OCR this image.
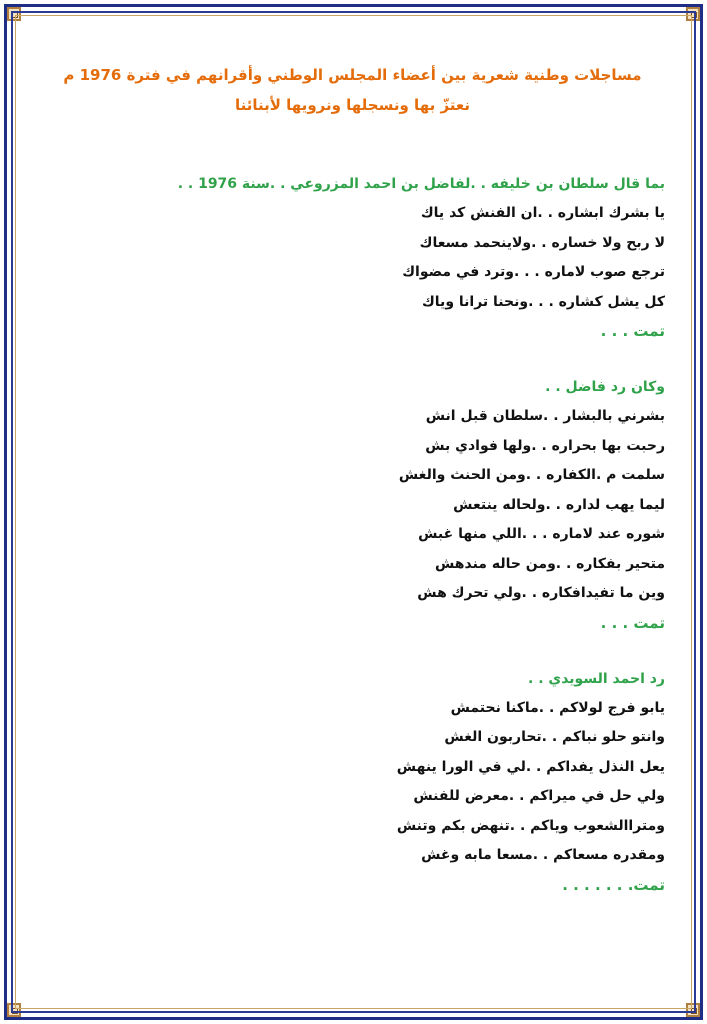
مساجلات وطنية شعرية بين أعضاء المجلس الوطني وأقرانهم في فترة 1976 م نعتزّ بها ونسجلها ونرويها لأبنائنا

بما قال سلطان بن خليفه . .لفاضل بن احمد المزروعي . .سنة 1976 . .

يا بشرك ابشاره . .ان الفنش كد ياك

لا ربح ولا خساره . .ولاينحمد مسعاك

ترجع صوب لاماره . . .وترد في مضواك

كل يشل كشاره . . .ونحنا ترانا وياك

تمت . . .

وكان رد فاضل . .

بشرني بالبشار . .سلطان قبل انش

رحبت بها بحراره . .ولها فوادي بش

سلمت م .الكفاره . .ومن الحنث والغش

ليما يهب لداره . .ولحاله ينتعش

شوره عند لاماره . . .اللي منها غبش

متحير بفكاره . .ومن حاله مندهش

وين ما تفيدافكاره . .ولي تحرك هش

تمت . . .

رد احمد السويدي . .

يابو فرج لولاكم . .ماكنا نحتمش

وانتو حلو نباكم . .تحاربون الغش

يعل النذل يفداكم . .لي في الورا ينهش

ولي حل في ميراكم . .معرض للفنش

ومتراالشعوب وياكم . .تنهض بكم وتنش

ومقدره مسعاكم . .مسعا مابه وغش

تمت. . . . . . .
